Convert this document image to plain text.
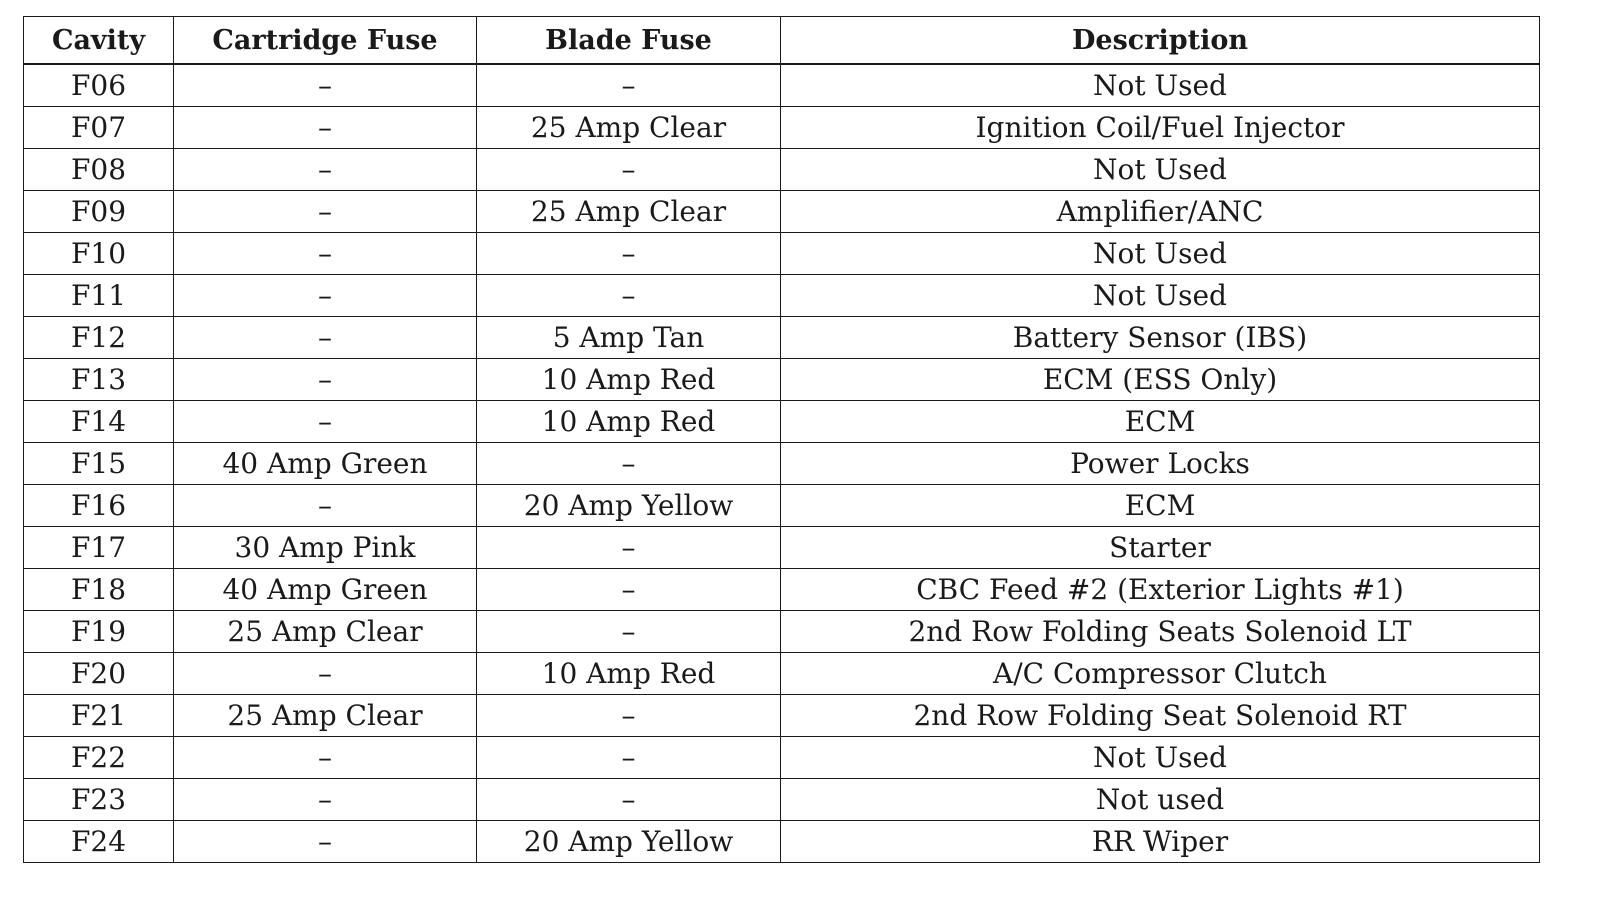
Cavity	Cartridge Fuse	Blade Fuse	Description
F06	–	–	Not Used
F07	–	25 Amp Clear	Ignition Coil/Fuel Injector
F08	–	–	Not Used
F09	–	25 Amp Clear	Amplifier/ANC
F10	–	–	Not Used
F11	–	–	Not Used
F12	–	5 Amp Tan	Battery Sensor (IBS)
F13	–	10 Amp Red	ECM (ESS Only)
F14	–	10 Amp Red	ECM
F15	40 Amp Green	–	Power Locks
F16	–	20 Amp Yellow	ECM
F17	30 Amp Pink	–	Starter
F18	40 Amp Green	–	CBC Feed #2 (Exterior Lights #1)
F19	25 Amp Clear	–	2nd Row Folding Seats Solenoid LT
F20	–	10 Amp Red	A/C Compressor Clutch
F21	25 Amp Clear	–	2nd Row Folding Seat Solenoid RT
F22	–	–	Not Used
F23	–	–	Not used
F24	–	20 Amp Yellow	RR Wiper
